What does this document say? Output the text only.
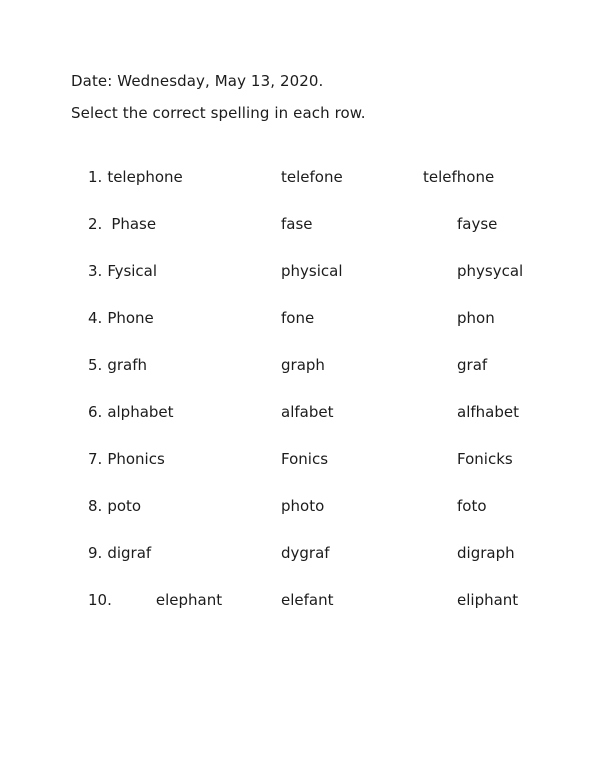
Date: Wednesday, May 13, 2020.
Select the correct spelling in each row.
1. telephone	telefone	telefhone
2. Phase	fase	fayse
3. Fysical	physical	physycal
4. Phone	fone	phon
5. grafh	graph	graf
6. alphabet	alfabet	alfhabet
7. Phonics	Fonics	Fonicks
8. poto	photo	foto
9. digraf	dygraf	digraph
10.	elephant	elefant	eliphant
